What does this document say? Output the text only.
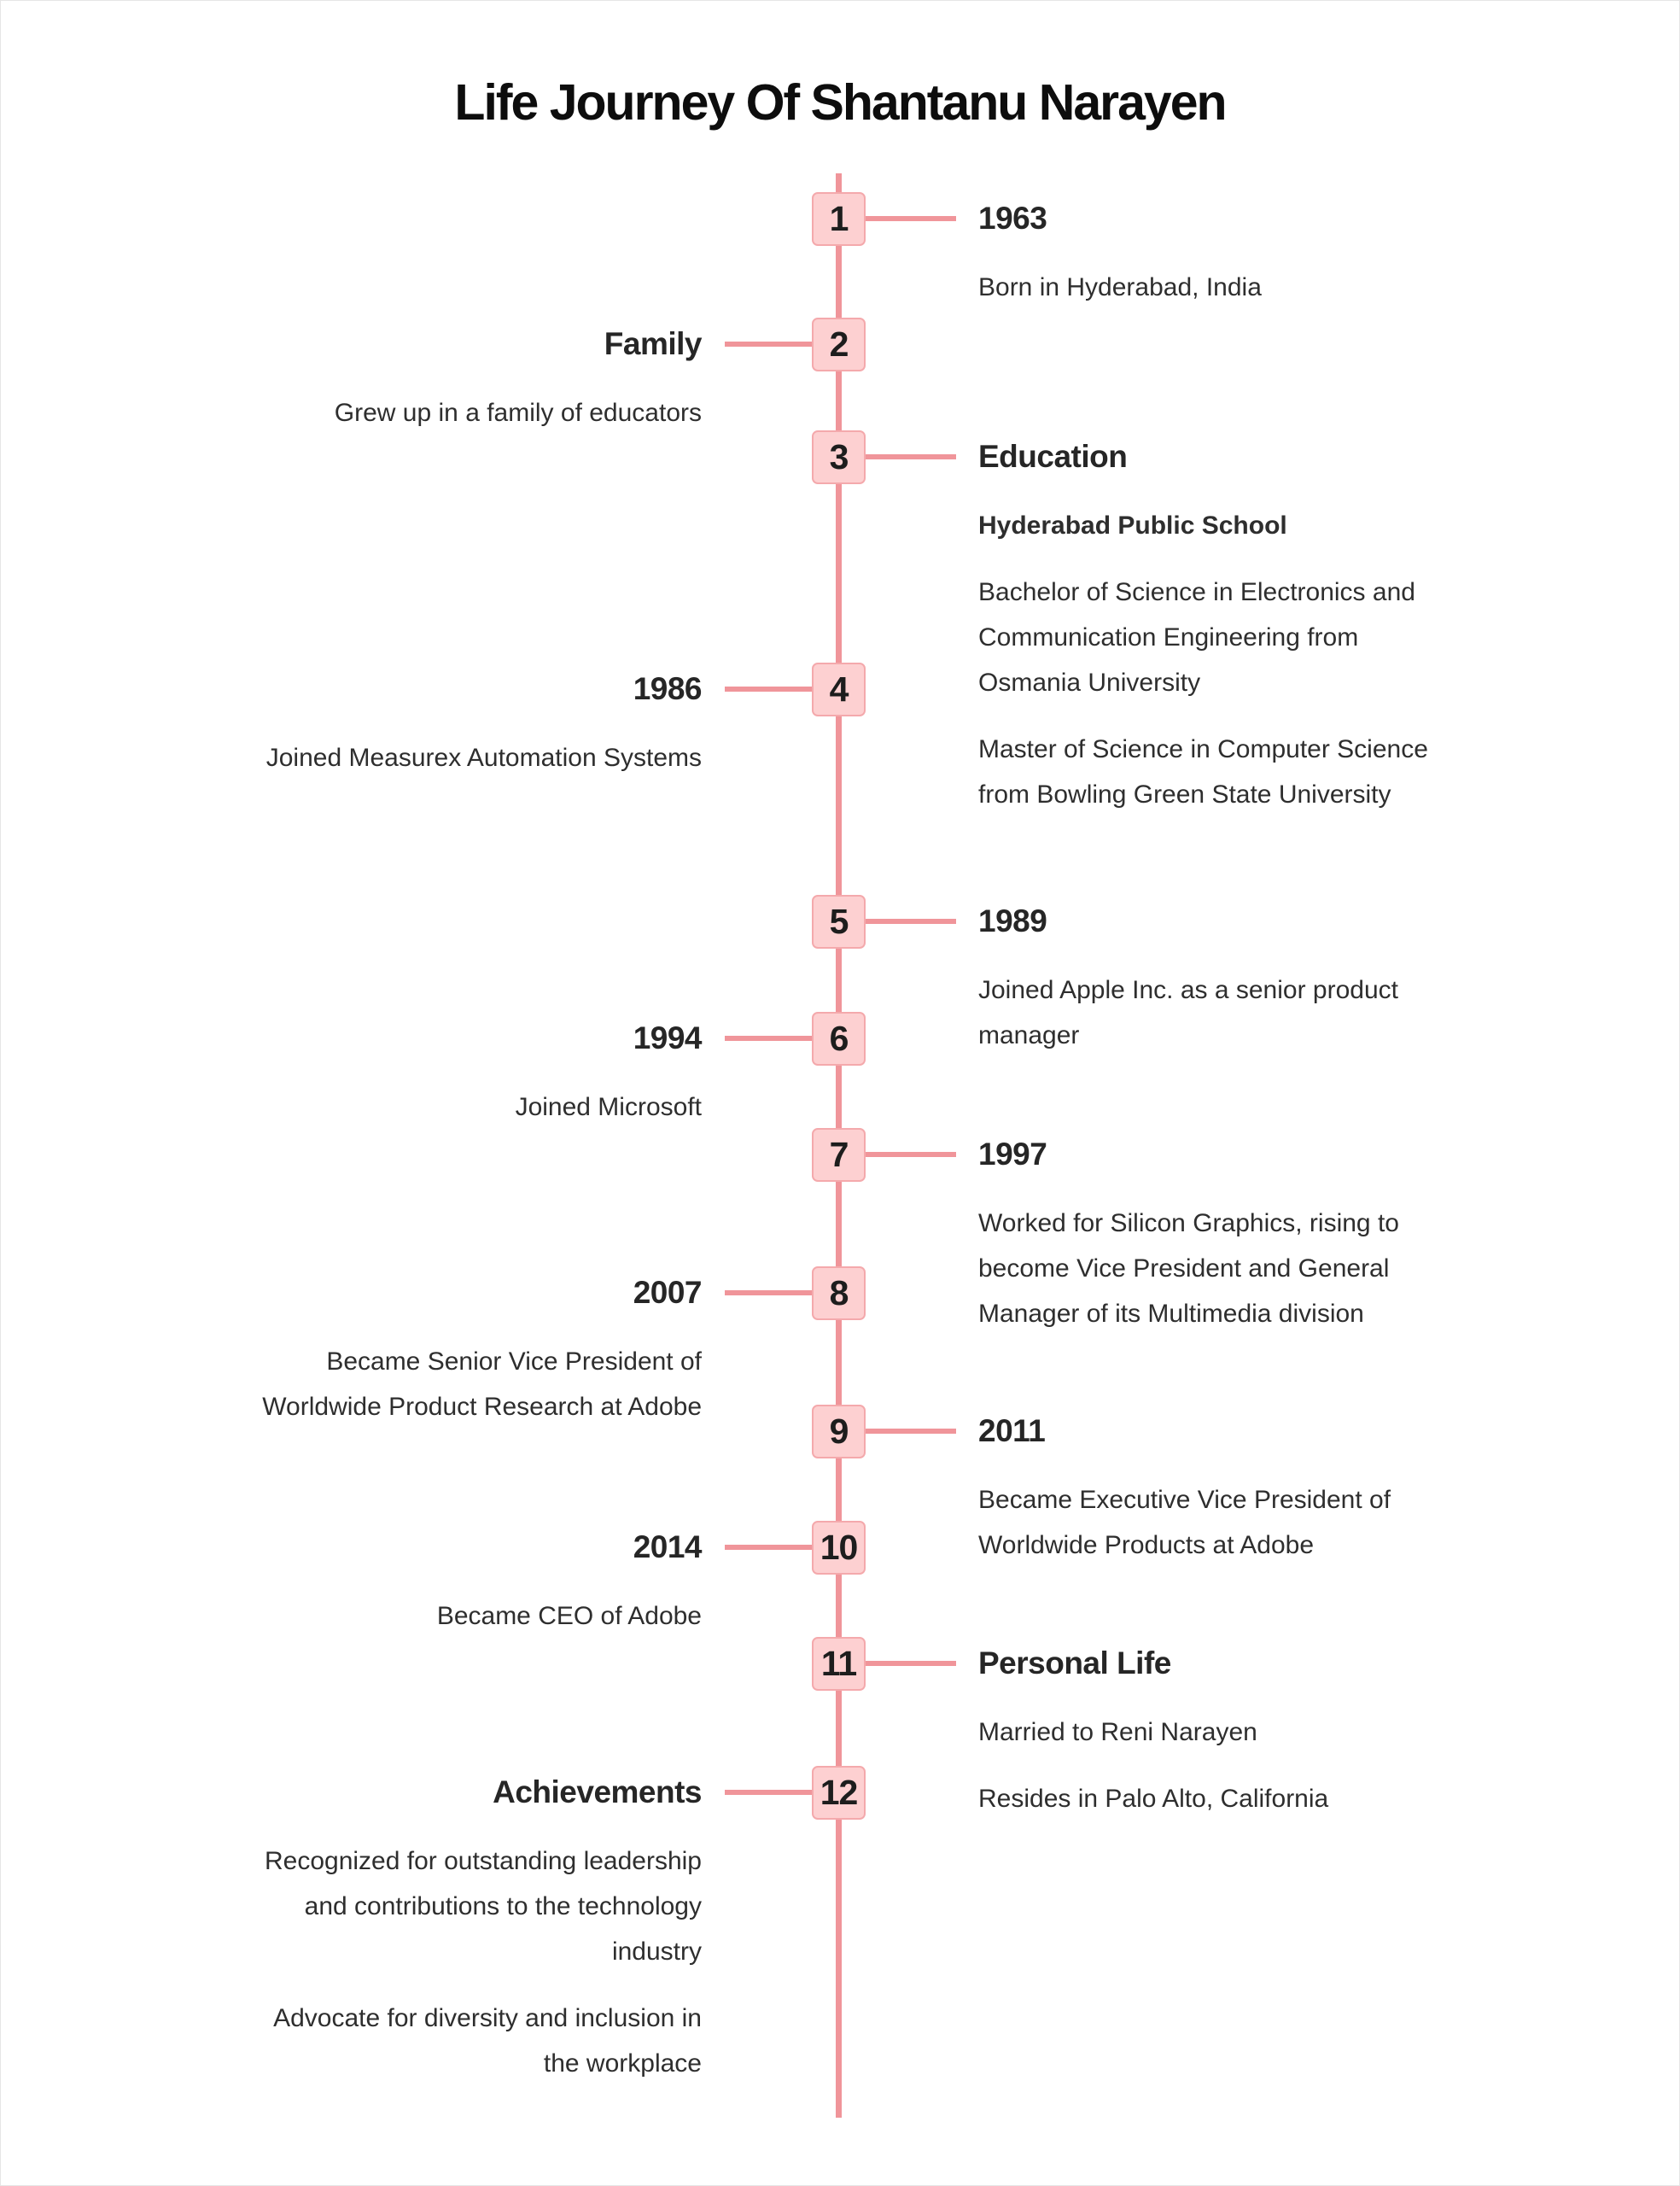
Life Journey Of Shantanu Narayen
1	1963
Born in Hyderabad, India
2
Family
Grew up in a family of educators
3	Education
Hyderabad Public School
Bachelor of Science in Electronics and
Communication Engineering from
Osmania University
Master of Science in Computer Science
from Bowling Green State University
4
1986
Joined Measurex Automation Systems
5	1989
Joined Apple Inc. as a senior product
manager
6
1994
Joined Microsoft
7	1997
Worked for Silicon Graphics, rising to
become Vice President and General
Manager of its Multimedia division
8
2007
Became Senior Vice President of
Worldwide Product Research at Adobe
9	2011
Became Executive Vice President of
Worldwide Products at Adobe
10
2014
Became CEO of Adobe
11	Personal Life
Married to Reni Narayen
Resides in Palo Alto, California
12
Achievements
Recognized for outstanding leadership
and contributions to the technology
industry
Advocate for diversity and inclusion in
the workplace
